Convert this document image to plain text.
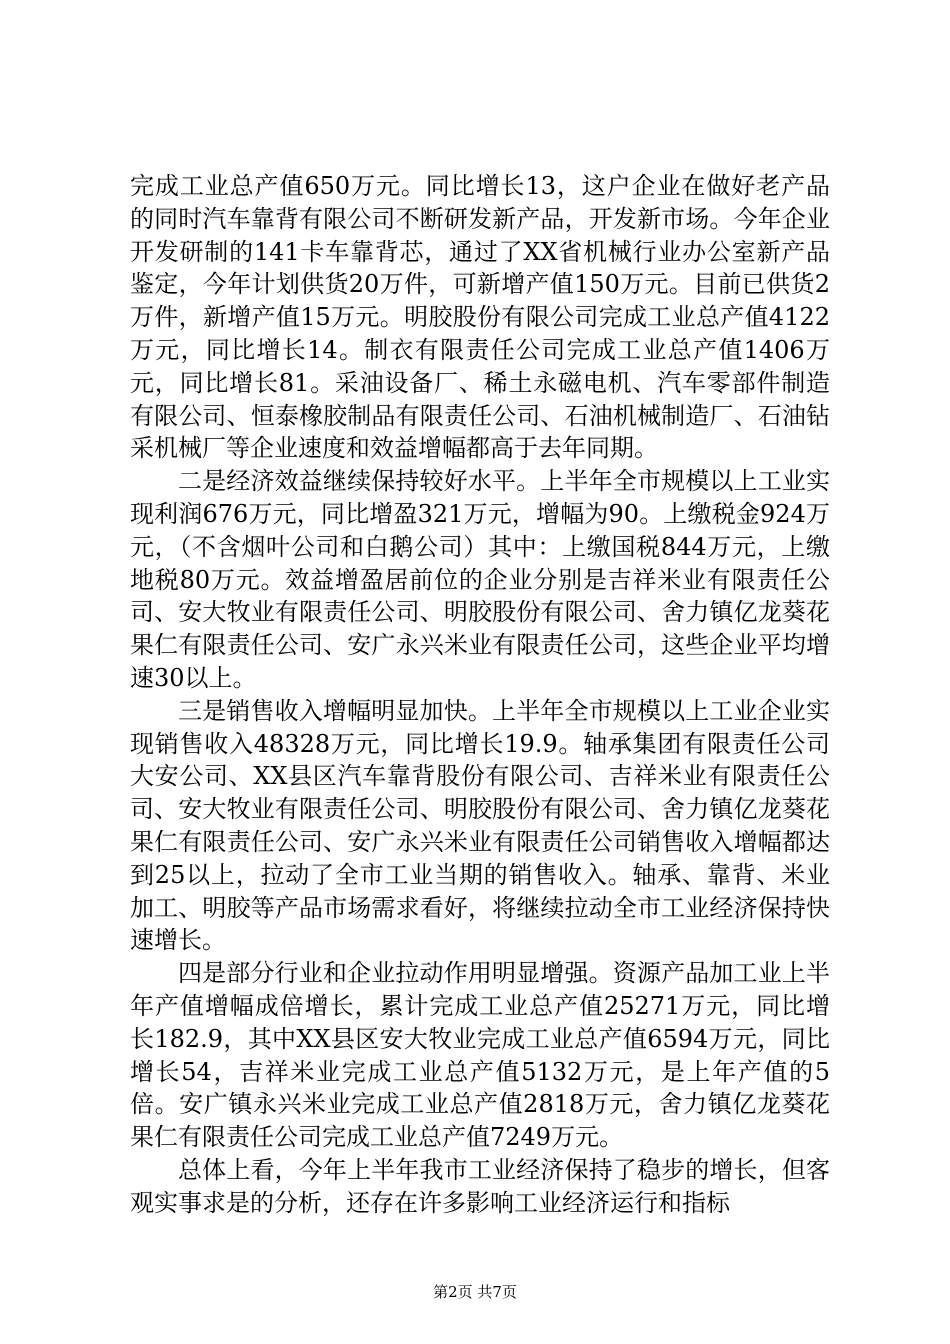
完成工业总产值650万元。同比增长13，这户企业在做好老产品的同时汽车靠背有限公司不断研发新产品，开发新市场。今年企业开发研制的141卡车靠背芯，通过了XX省机械行业办公室新产品鉴定，今年计划供货20万件，可新增产值150万元。目前已供货2万件，新增产值15万元。明胶股份有限公司完成工业总产值4122万元，同比增长14。制衣有限责任公司完成工业总产值1406万元，同比增长81。采油设备厂、稀土永磁电机、汽车零部件制造有限公司、恒泰橡胶制品有限责任公司、石油机械制造厂、石油钻采机械厂等企业速度和效益增幅都高于去年同期。

二是经济效益继续保持较好水平。上半年全市规模以上工业实现利润676万元，同比增盈321万元，增幅为90。上缴税金924万元，（不含烟叶公司和白鹅公司）其中：上缴国税844万元，上缴地税80万元。效益增盈居前位的企业分别是吉祥米业有限责任公司、安大牧业有限责任公司、明胶股份有限公司、舍力镇亿龙葵花果仁有限责任公司、安广永兴米业有限责任公司，这些企业平均增速30以上。

三是销售收入增幅明显加快。上半年全市规模以上工业企业实现销售收入48328万元，同比增长19.9。轴承集团有限责任公司大安公司、XX县区汽车靠背股份有限公司、吉祥米业有限责任公司、安大牧业有限责任公司、明胶股份有限公司、舍力镇亿龙葵花果仁有限责任公司、安广永兴米业有限责任公司销售收入增幅都达到25以上，拉动了全市工业当期的销售收入。轴承、靠背、米业加工、明胶等产品市场需求看好，将继续拉动全市工业经济保持快速增长。

四是部分行业和企业拉动作用明显增强。资源产品加工业上半年产值增幅成倍增长，累计完成工业总产值25271万元，同比增长182.9，其中XX县区安大牧业完成工业总产值6594万元，同比增长54，吉祥米业完成工业总产值5132万元，是上年产值的5倍。安广镇永兴米业完成工业总产值2818万元，舍力镇亿龙葵花果仁有限责任公司完成工业总产值7249万元。

总体上看，今年上半年我市工业经济保持了稳步的增长，但客观实事求是的分析，还存在许多影响工业经济运行和指标

第2页 共7页
